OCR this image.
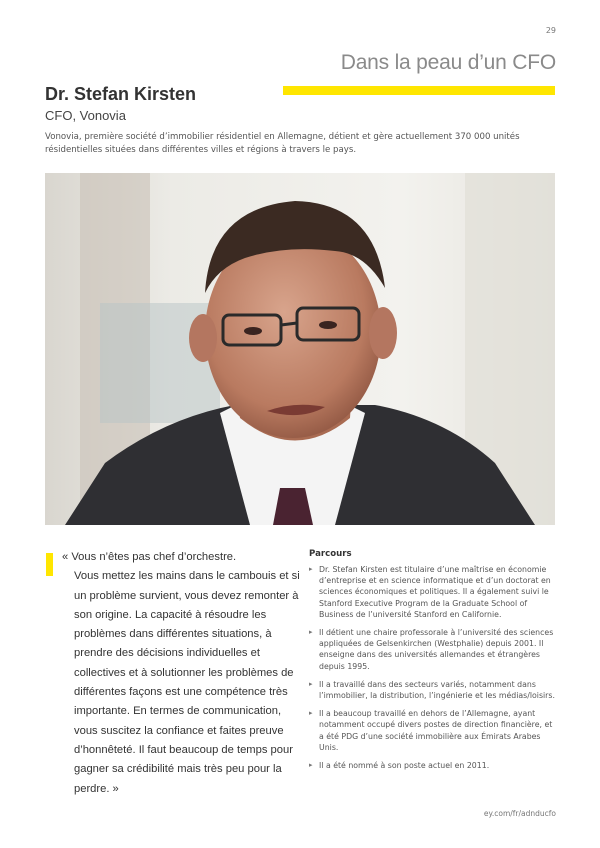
29
Dans la peau d’un CFO
Dr. Stefan Kirsten
CFO, Vonovia
Vonovia, première société d’immobilier résidentiel en Allemagne, détient et gère actuellement 370 000 unités résidentielles situées dans différentes villes et régions à travers le pays.

« Vous n’êtes pas chef d’orchestre.

Vous mettez les mains dans le cambouis et si un problème survient, vous devez remonter à son origine. La capacité à résoudre les problèmes dans différentes situations, à prendre des décisions individuelles et collectives et à solutionner les problèmes de différentes façons est une compétence très importante. En termes de communication, vous suscitez la confiance et faites preuve d’honnêteté. Il faut beaucoup de temps pour gagner sa crédibilité mais très peu pour la perdre. »

Parcours
▸ Dr. Stefan Kirsten est titulaire d’une maîtrise en économie d’entreprise et en science informatique et d’un doctorat en sciences économiques et politiques. Il a également suivi le Stanford Executive Program de la Graduate School of Business de l’université Stanford en Californie.
▸ Il détient une chaire professorale à l’université des sciences appliquées de Gelsenkirchen (Westphalie) depuis 2001. Il enseigne dans des universités allemandes et étrangères depuis 1995.
▸ Il a travaillé dans des secteurs variés, notamment dans l’immobilier, la distribution, l’ingénierie et les médias/loisirs.
▸ Il a beaucoup travaillé en dehors de l’Allemagne, ayant notamment occupé divers postes de direction financière, et a été PDG d’une société immobilière aux Émirats Arabes Unis.
▸ Il a été nommé à son poste actuel en 2011.
ey.com/fr/adnducfo
